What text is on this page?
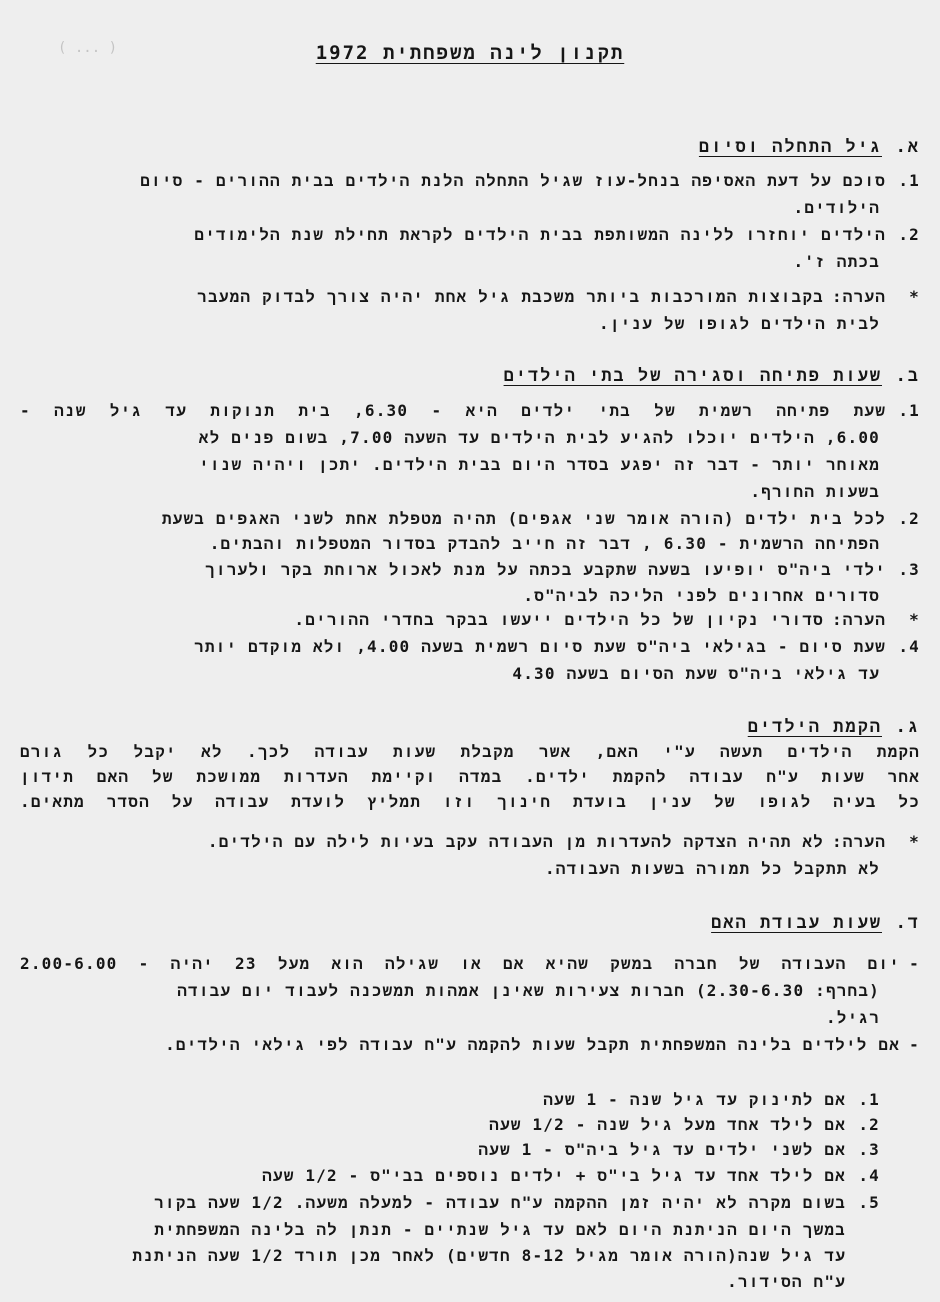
( ... )	תקנון לינה משפחתית 1972
א.גיל התחלה וסיום
1.סוכם על דעת האסיפה בנחל-עוז שגיל התחלה הלנת הילדים בבית ההורים - סיום
הילודים.
2.הילדים יוחזרו ללינה המשותפת בבית הילדים לקראת תחילת שנת הלימודים
בכתה ז'.
*הערה:בקבוצות המורכבות ביותר משכבת גיל אחת יהיה צורך לבדוק המעבר
לבית הילדים לגופו של ענין.
ב.שעות פתיחה וסגירה של בתי הילדים
1.שעת פתיחה רשמית של בתי ילדים היא - 6.30, בית תנוקות עד גיל שנה -
6.00, הילדים יוכלו להגיע לבית הילדים עד השעה 7.00, בשום פנים לא
מאוחר יותר - דבר זה יפגע בסדר היום בבית הילדים. יתכן ויהיה שנוי
בשעות החורף.
2.לכל בית ילדים (הורה אומר שני אגפים) תהיה מטפלת אחת לשני האגפים בשעת
הפתיחה הרשמית - 6.30 , דבר זה חייב להבדק בסדור המטפלות והבתים.
3.ילדי ביה"ס יופיעו בשעה שתקבע בכתה על מנת לאכול ארוחת בקר ולערוך
סדורים אחרונים לפני הליכה לביה"ס.
*הערה:סדורי נקיון של כל הילדים ייעשו בבקר בחדרי ההורים.
4.שעת סיום - בגילאי ביה"ס שעת סיום רשמית בשעה 4.00, ולא מוקדם יותר
עד גילאי ביה"ס שעת הסיום בשעה 4.30
ג.הקמת הילדים
הקמת הילדים תעשה ע"י האם, אשר מקבלת שעות עבודה לכך. לא יקבל כל גורם
אחר שעות ע"ח עבודה להקמת ילדים. במדה וקיימת העדרות ממושכת של האם תידון
כל בעיה לגופו של ענין בועדת חינוך וזו תמליץ לועדת עבודה על הסדר מתאים.
*הערה:לא תהיה הצדקה להעדרות מן העבודה עקב בעיות לילה עם הילדים.
לא תתקבל כל תמורה בשעות העבודה.
ד.שעות עבודת האם
-יום העבודה של חברה במשק שהיא אם או שגילה הוא מעל 23 יהיה - 2.00-6.00
(בחרף: 2.30-6.30) חברות צעירות שאינן אמהות תמשכנה לעבוד יום עבודה
רגיל.
-אם לילדים בלינה המשפחתית תקבל שעות להקמה ע"ח עבודה לפי גילאי הילדים.
1.אם לתינוק עד גיל שנה - 1 שעה
2.אם לילד אחד מעל גיל שנה - 1/2 שעה
3.אם לשני ילדים עד גיל ביה"ס - 1 שעה
4.אם לילד אחד עד גיל בי"ס + ילדים נוספים בבי"ס - 1/2 שעה
5.בשום מקרה לא יהיה זמן ההקמה ע"ח עבודה - למעלה משעה. 1/2 שעה בקור
במשך היום הניתנת היום לאם עד גיל שנתיים - תנתן לה בלינה המשפחתית
עד גיל שנה(הורה אומר מגיל 8-12 חדשים) לאחר מכן תורד 1/2 שעה הניתנת
ע"ח הסידור.
